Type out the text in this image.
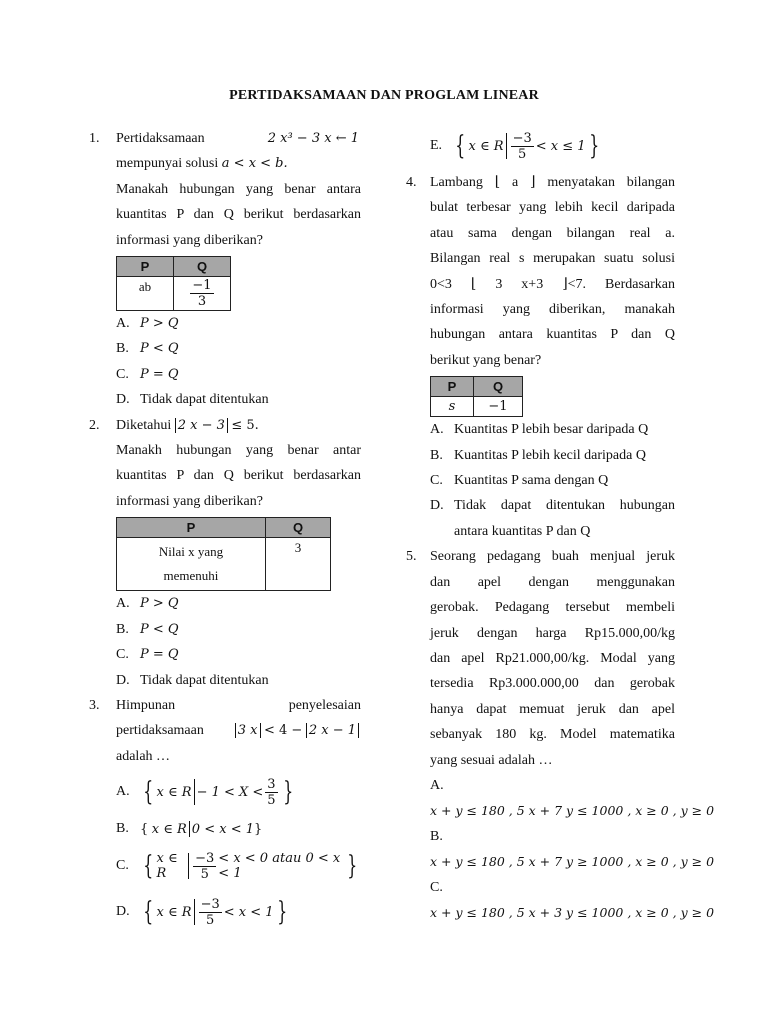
PERTIDAKSAMAAN DAN PROGLAM LINEAR
1. Pertidaksamaan	2 x³ − 3 x ← 1
mempunyai solusi a < x < b.
Manakah hubungan yang benar antara
kuantitas P dan Q berikut berdasarkan
informasi yang diberikan?
P	Q
ab	$\frac{-1}{3}$
A. P > Q
B. P < Q
C. P = Q
D. Tidak dapat ditentukan
2. Diketahui 2 x − 3 ≤ 5.
Manakh hubungan yang benar antar
kuantitas P dan Q berikut berdasarkan
informasi yang diberikan?
P	Q

Nilai x yang
memenuhi	3
A. P > Q
B. P < Q
C. P = Q
D. Tidak dapat ditentukan
3. Himpunan	penyelesaian
pertidaksamaan	3 x < 4 − 2 x − 1
adalah …
A. { x ∈ $R - 1 < X < \frac{3}{5}$ }
B. {
x ∈ R 0 < x < 1 }
C. { x ∈ R	$\frac{-3}{5} < x < 0$ atau 0 < x < 1	}
D. { x ∈ R $\frac{-3}{5} < x < 1$ }
E. { x ∈ R $\frac{-3}{5} < x \le 1$ }
4. Lambang ⌊ a ⌋ menyatakan bilangan
bulat terbesar yang lebih kecil daripada
atau sama dengan bilangan real a.
Bilangan real s merupakan suatu solusi
0<3 ⌊ 3 x+3 ⌋<7. Berdasarkan
informasi yang diberikan, manakah
hubungan antara kuantitas P dan Q
berikut yang benar?
P	Q
s	−1
A. Kuantitas P lebih besar daripada Q
B. Kuantitas P lebih kecil daripada Q
C. Kuantitas P sama dengan Q
D. Tidak dapat ditentukan hubungan
antara kuantitas P dan Q
5. Seorang pedagang buah menjual jeruk
dan apel dengan menggunakan
gerobak. Pedagang tersebut membeli
jeruk dengan harga Rp15.000,00/kg
dan apel Rp21.000,00/kg. Modal yang
tersedia Rp3.000.000,00 dan gerobak
hanya dapat memuat jeruk dan apel
sebanyak 180 kg. Model matematika
yang sesuai adalah …
A.
x + y ≤ 180 , 5 x + 7 y ≤ 1000 , x ≥ 0 , y ≥ 0
B.
x + y ≤ 180 , 5 x + 7 y ≥ 1000 , x ≥ 0 , y ≥ 0
C.
x + y ≤ 180 , 5 x + 3 y ≤ 1000 , x ≥ 0 , y ≥ 0
